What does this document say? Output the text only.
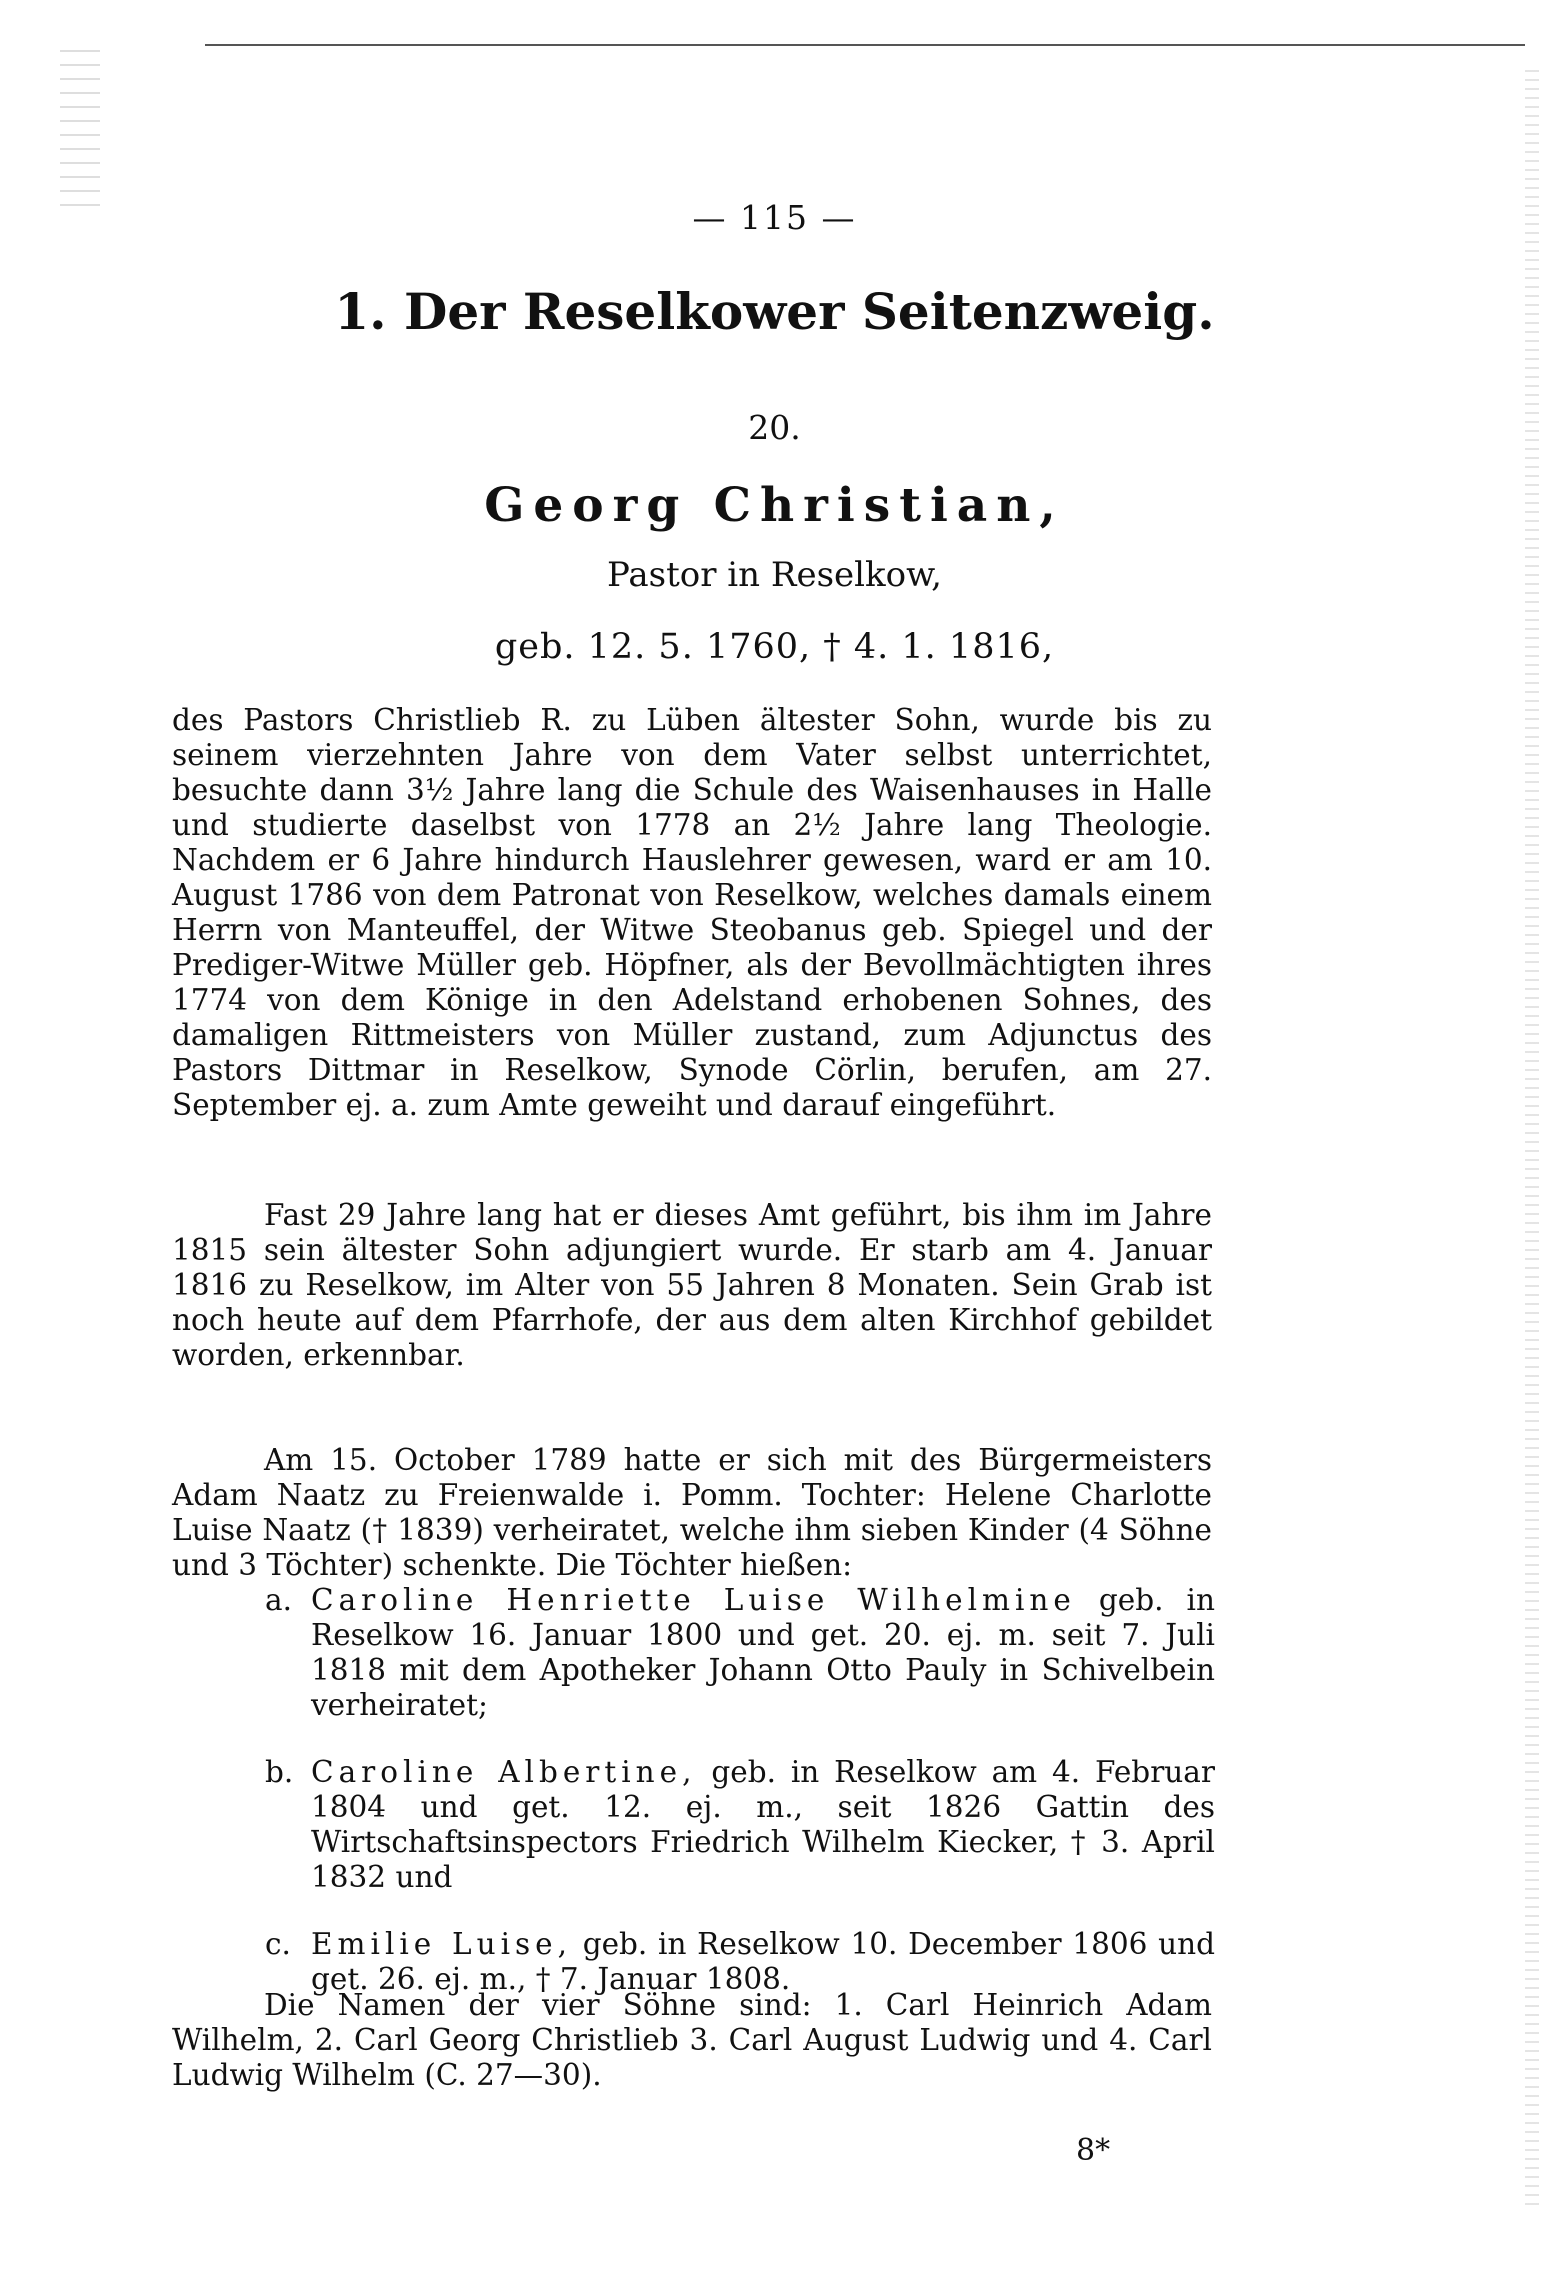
— 115 —
1. Der Reselkower Seitenzweig.
20.
Georg Christian,
Pastor in Reselkow,
geb. 12. 5. 1760, † 4. 1. 1816,
des Pastors Christlieb R. zu Lüben ältester Sohn, wurde bis zu seinem vierzehnten Jahre von dem Vater selbst unterrichtet, besuchte dann 3½ Jahre lang die Schule des Waisenhauses in Halle und studierte daselbst von 1778 an 2½ Jahre lang Theologie. Nachdem er 6 Jahre hindurch Hauslehrer gewesen, ward er am 10. August 1786 von dem Patronat von Reselkow, welches damals einem Herrn von Manteuffel, der Witwe Steobanus geb. Spiegel und der Prediger-Witwe Müller geb. Höpfner, als der Bevollmächtigten ihres 1774 von dem Könige in den Adelstand erhobenen Sohnes, des damaligen Rittmeisters von Müller zustand, zum Adjunctus des Pastors Dittmar in Reselkow, Synode Cörlin, berufen, am 27. September ej. a. zum Amte geweiht und darauf eingeführt.
Fast 29 Jahre lang hat er dieses Amt geführt, bis ihm im Jahre 1815 sein ältester Sohn adjungiert wurde. Er starb am 4. Januar 1816 zu Reselkow, im Alter von 55 Jahren 8 Monaten. Sein Grab ist noch heute auf dem Pfarrhofe, der aus dem alten Kirchhof gebildet worden, erkennbar.
Am 15. October 1789 hatte er sich mit des Bürgermeisters Adam Naatz zu Freienwalde i. Pomm. Tochter: Helene Charlotte Luise Naatz († 1839) verheiratet, welche ihm sieben Kinder (4 Söhne und 3 Töchter) schenkte. Die Töchter hießen:
a. Caroline Henriette Luise Wilhelmine geb. in Reselkow 16. Januar 1800 und get. 20. ej. m. seit 7. Juli 1818 mit dem Apotheker Johann Otto Pauly in Schivelbein verheiratet;
b. Caroline Albertine, geb. in Reselkow am 4. Februar 1804 und get. 12. ej. m., seit 1826 Gattin des Wirtschaftsinspectors Friedrich Wilhelm Kiecker, † 3. April 1832 und
c. Emilie Luise, geb. in Reselkow 10. December 1806 und get. 26. ej. m., † 7. Januar 1808.
Die Namen der vier Söhne sind: 1. Carl Heinrich Adam Wilhelm, 2. Carl Georg Christlieb 3. Carl August Ludwig und 4. Carl Ludwig Wilhelm (C. 27—30).
8*
